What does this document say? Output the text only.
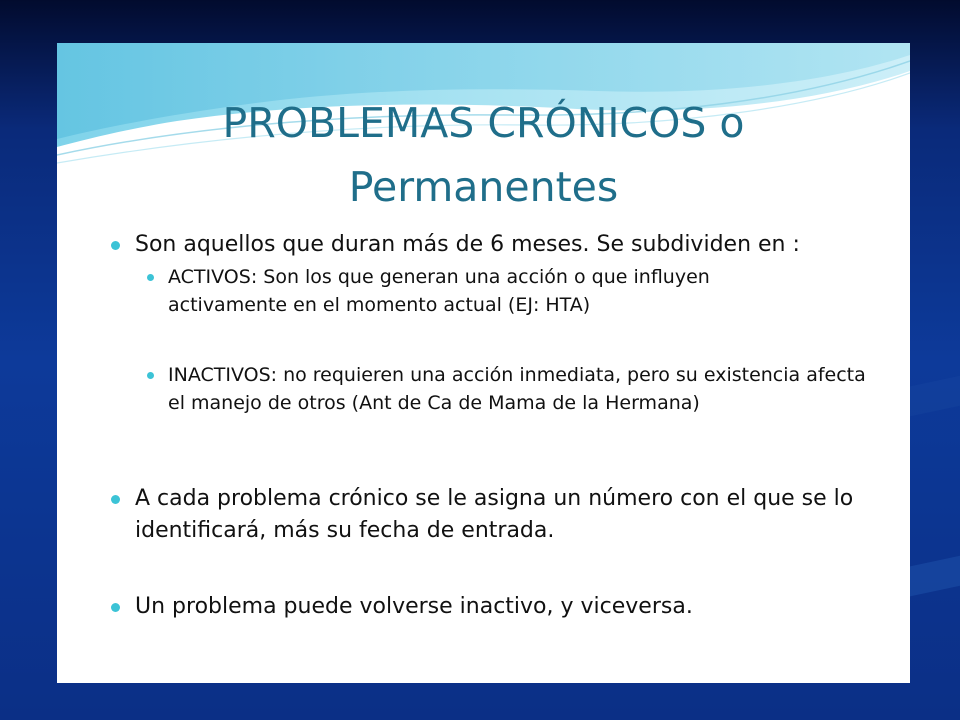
PROBLEMAS CRÓNICOS o
Permanentes
Son aquellos que duran más de 6 meses. Se subdividen en :
ACTIVOS: Son los que generan una acción o que influyen activamente en el momento actual (EJ: HTA)
INACTIVOS: no requieren una acción inmediata, pero su existencia afecta el manejo de otros (Ant de Ca de Mama de la Hermana)
A cada problema crónico se le asigna un número con el que se lo identificará, más su fecha de entrada.
Un problema puede volverse inactivo, y viceversa.
